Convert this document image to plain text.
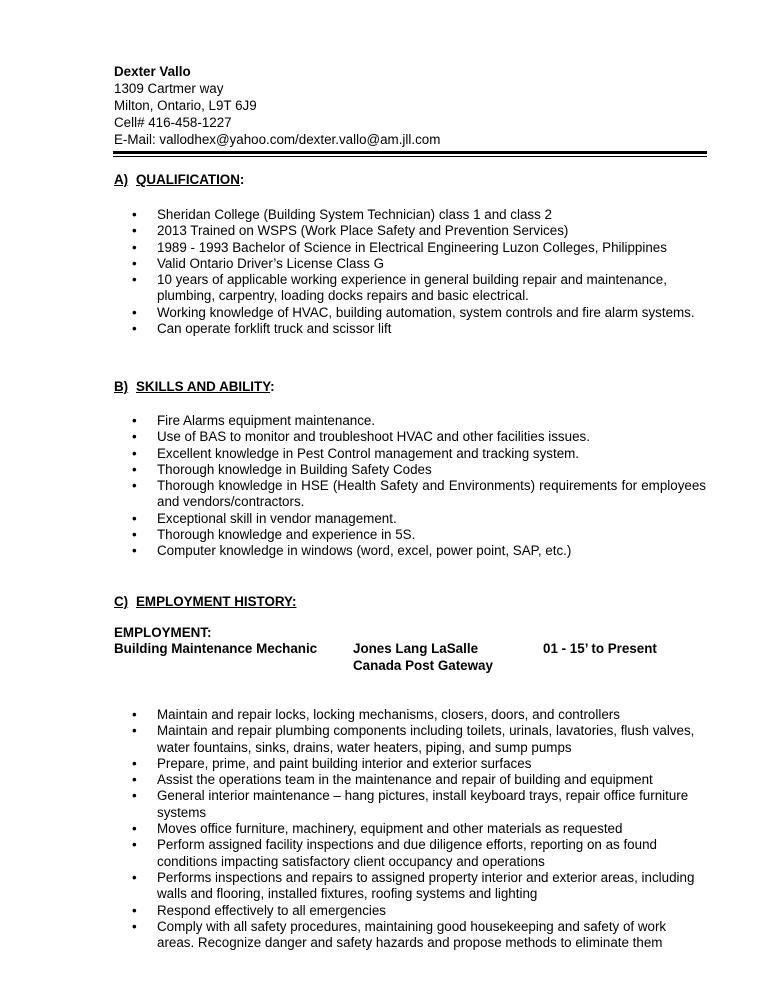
Dexter Vallo
1309 Cartmer way
Milton, Ontario, L9T 6J9
Cell# 416-458-1227
E-Mail: vallodhex@yahoo.com/dexter.vallo@am.jll.com
A) QUALIFICATION:
• Sheridan College (Building System Technician) class 1 and class 2
• 2013 Trained on WSPS (Work Place Safety and Prevention Services)
• 1989 - 1993 Bachelor of Science in Electrical Engineering Luzon Colleges, Philippines
• Valid Ontario Driver’s License Class G
• 10 years of applicable working experience in general building repair and maintenance, plumbing, carpentry, loading docks repairs and basic electrical.
• Working knowledge of HVAC, building automation, system controls and fire alarm systems.
• Can operate forklift truck and scissor lift
B) SKILLS AND ABILITY:
• Fire Alarms equipment maintenance.
• Use of BAS to monitor and troubleshoot HVAC and other facilities issues.
• Excellent knowledge in Pest Control management and tracking system.
• Thorough knowledge in Building Safety Codes
• Thorough knowledge in HSE (Health Safety and Environments) requirements for employees and vendors/contractors.
• Exceptional skill in vendor management.
• Thorough knowledge and experience in 5S.
• Computer knowledge in windows (word, excel, power point, SAP, etc.)
C) EMPLOYMENT HISTORY:
EMPLOYMENT:
Building Maintenance Mechanic	Jones Lang LaSalle
Canada Post Gateway
01 - 15’ to Present
• Maintain and repair locks, locking mechanisms, closers, doors, and controllers
• Maintain and repair plumbing components including toilets, urinals, lavatories, flush valves, water fountains, sinks, drains, water heaters, piping, and sump pumps
• Prepare, prime, and paint building interior and exterior surfaces
• Assist the operations team in the maintenance and repair of building and equipment
• General interior maintenance – hang pictures, install keyboard trays, repair office furniture systems
• Moves office furniture, machinery, equipment and other materials as requested
• Perform assigned facility inspections and due diligence efforts, reporting on as found conditions impacting satisfactory client occupancy and operations
• Performs inspections and repairs to assigned property interior and exterior areas, including walls and flooring, installed fixtures, roofing systems and lighting
• Respond effectively to all emergencies
• Comply with all safety procedures, maintaining good housekeeping and safety of work areas. Recognize danger and safety hazards and propose methods to eliminate them
